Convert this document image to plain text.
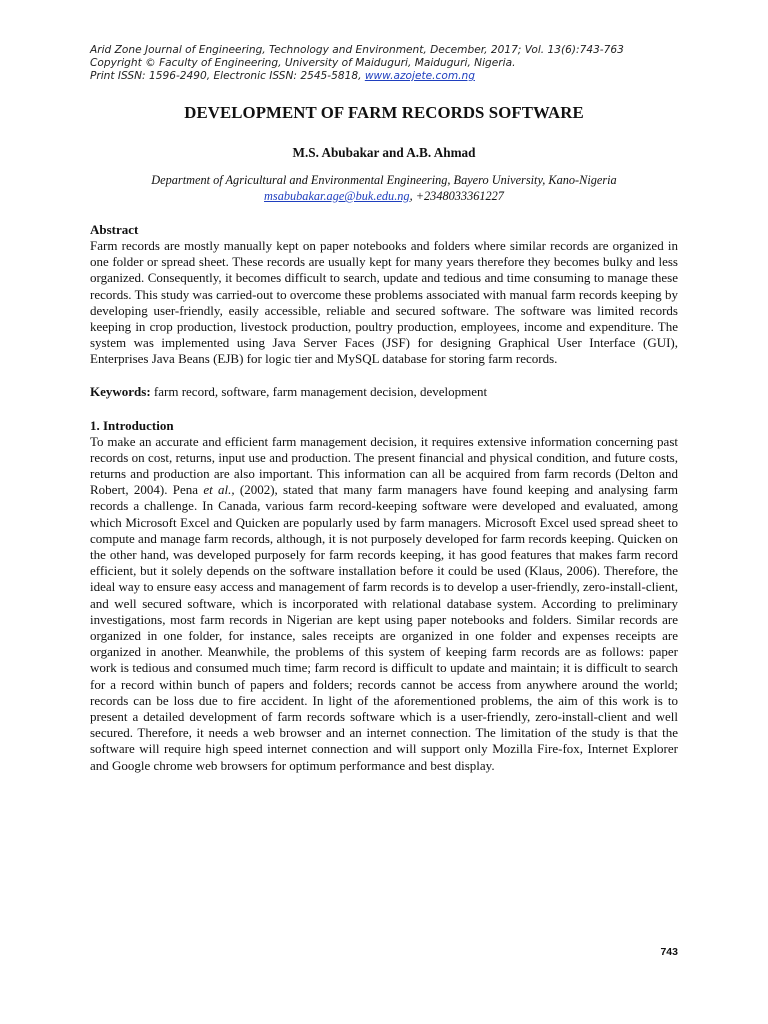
Arid Zone Journal of Engineering, Technology and Environment, December, 2017; Vol. 13(6):743-763
Copyright © Faculty of Engineering, University of Maiduguri, Maiduguri, Nigeria.
Print ISSN: 1596-2490, Electronic ISSN: 2545-5818, www.azojete.com.ng
DEVELOPMENT OF FARM RECORDS SOFTWARE
M.S. Abubakar and A.B. Ahmad
Department of Agricultural and Environmental Engineering, Bayero University, Kano-Nigeria
msabubakar.age@buk.edu.ng, +2348033361227
Abstract

Farm records are mostly manually kept on paper notebooks and folders where similar records are organized in one folder or spread sheet. These records are usually kept for many years therefore they becomes bulky and less organized. Consequently, it becomes difficult to search, update and tedious and time consuming to manage these records. This study was carried-out to overcome these problems associated with manual farm records keeping by developing user-friendly, easily accessible, reliable and secured software. The software was limited records keeping in crop production, livestock production, poultry production, employees, income and expenditure. The system was implemented using Java Server Faces (JSF) for designing Graphical User Interface (GUI), Enterprises Java Beans (EJB) for logic tier and MySQL database for storing farm records.

Keywords: farm record, software, farm management decision, development
1. Introduction

To make an accurate and efficient farm management decision, it requires extensive information concerning past records on cost, returns, input use and production. The present financial and physical condition, and future costs, returns and production are also important. This information can all be acquired from farm records (Delton and Robert, 2004). Pena et al., (2002), stated that many farm managers have found keeping and analysing farm records a challenge. In Canada, various farm record-keeping software were developed and evaluated, among which Microsoft Excel and Quicken are popularly used by farm managers. Microsoft Excel used spread sheet to compute and manage farm records, although, it is not purposely developed for farm records keeping. Quicken on the other hand, was developed purposely for farm records keeping, it has good features that makes farm record efficient, but it solely depends on the software installation before it could be used (Klaus, 2006). Therefore, the ideal way to ensure easy access and management of farm records is to develop a user-friendly, zero-install-client, and well secured software, which is incorporated with relational database system. According to preliminary investigations, most farm records in Nigerian are kept using paper notebooks and folders. Similar records are organized in one folder, for instance, sales receipts are organized in one folder and expenses receipts are organized in another. Meanwhile, the problems of this system of keeping farm records are as follows: paper work is tedious and consumed much time; farm record is difficult to update and maintain; it is difficult to search for a record within bunch of papers and folders; records cannot be access from anywhere around the world; records can be loss due to fire accident. In light of the aforementioned problems, the aim of this work is to present a detailed development of farm records software which is a user-friendly, zero-install-client and well secured. Therefore, it needs a web browser and an internet connection. The limitation of the study is that the software will require high speed internet connection and will support only Mozilla Fire-fox, Internet Explorer and Google chrome web browsers for optimum performance and best display.

743
